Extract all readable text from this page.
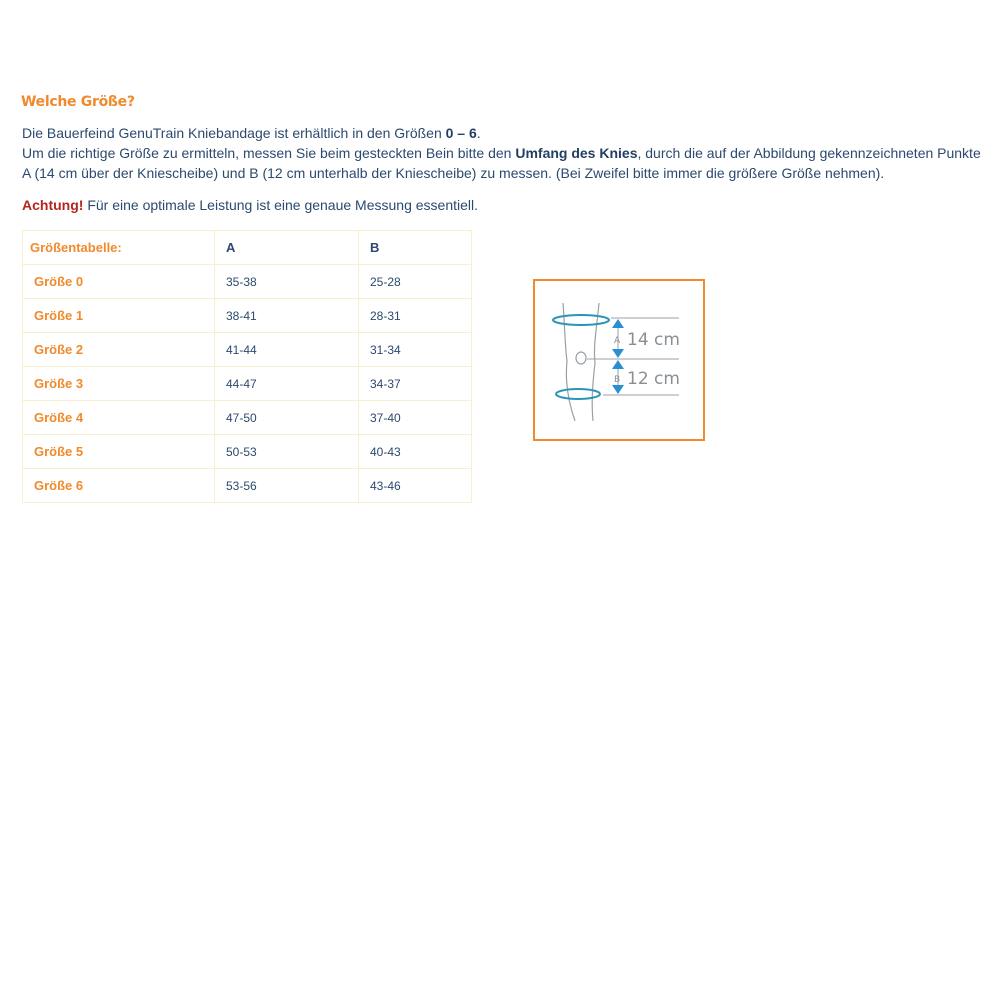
Welche Größe?
Die Bauerfeind GenuTrain Kniebandage ist erhältlich in den Größen 0 – 6.
Um die richtige Größe zu ermitteln, messen Sie beim gesteckten Bein bitte den Umfang des Knies, durch die auf der Abbildung gekennzeichneten Punkte A (14 cm über der Kniescheibe) und B (12 cm unterhalb der Kniescheibe) zu messen. (Bei Zweifel bitte immer die größere Größe nehmen).
Achtung! Für eine optimale Leistung ist eine genaue Messung essentiell.
Größentabelle:	A	B
Größe 0	35-38	25-28
Größe 1	38-41	28-31
Größe 2	41-44	31-34
Größe 3	44-47	34-37
Größe 4	47-50	37-40
Größe 5	50-53	40-43
Größe 6	53-56	43-46
A 14 cm
B 12 cm
